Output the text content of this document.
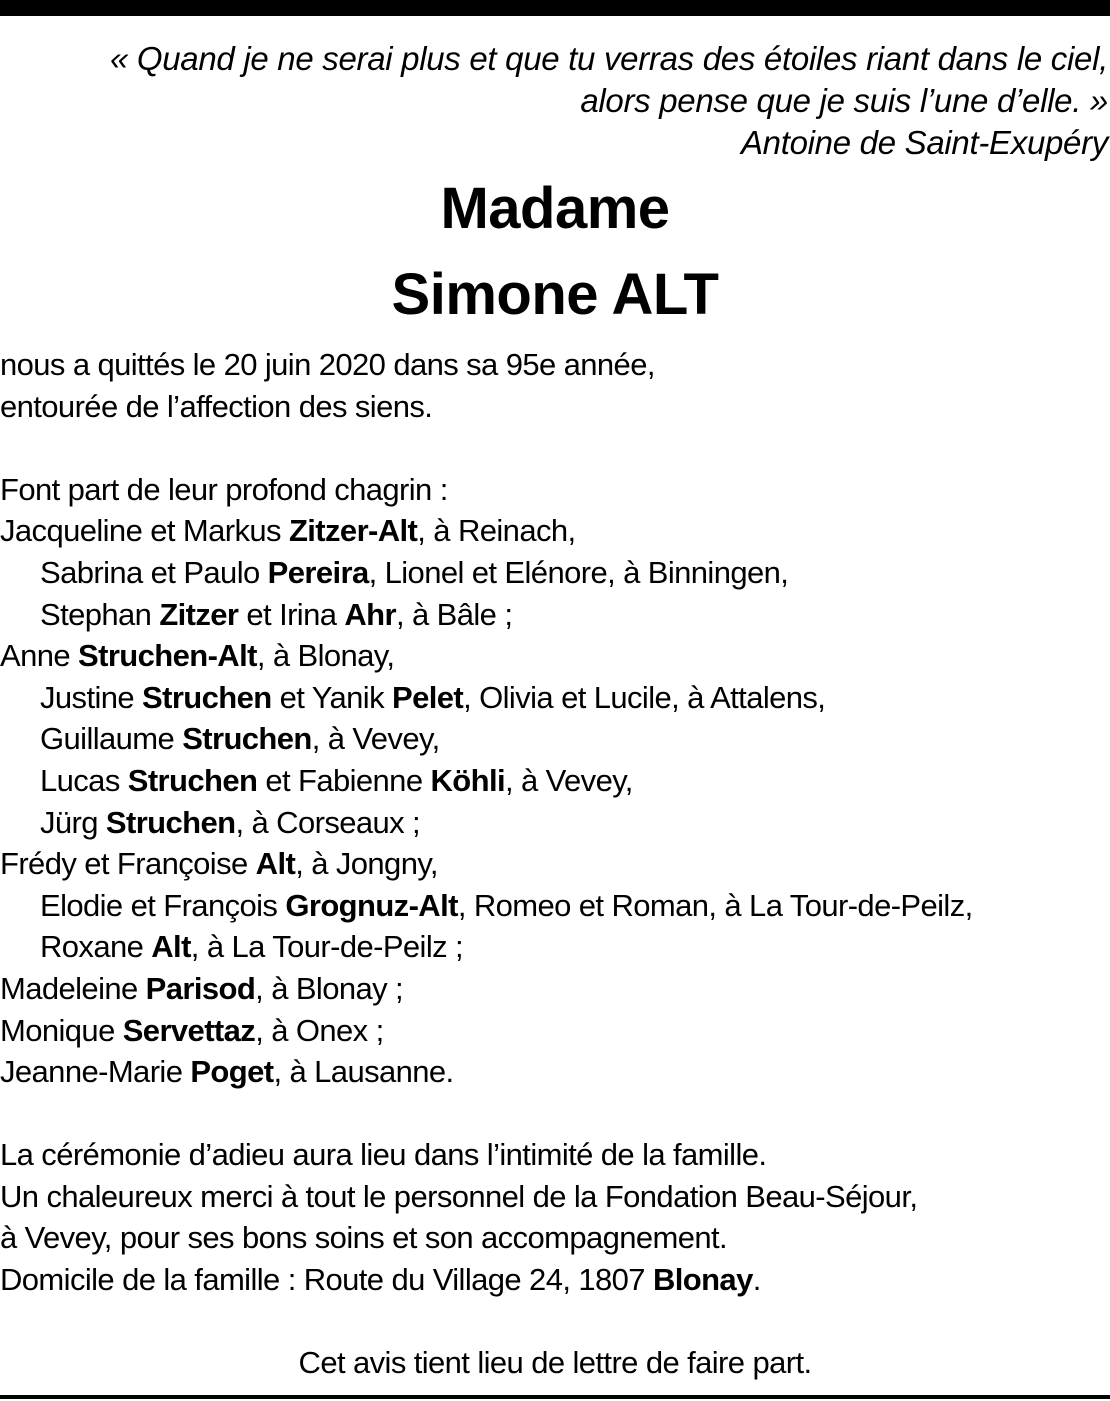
« Quand je ne serai plus et que tu verras des étoiles riant dans le ciel,
alors pense que je suis l’une d’elle. »
Antoine de Saint-Exupéry
Madame
Simone ALT
nous a quittés le 20 juin 2020 dans sa 95e année,
entourée de l’affection des siens.
Font part de leur profond chagrin :
Jacqueline et Markus Zitzer-Alt, à Reinach,
Sabrina et Paulo Pereira, Lionel et Elénore, à Binningen,
Stephan Zitzer et Irina Ahr, à Bâle ;
Anne Struchen-Alt, à Blonay,
Justine Struchen et Yanik Pelet, Olivia et Lucile, à Attalens,
Guillaume Struchen, à Vevey,
Lucas Struchen et Fabienne Köhli, à Vevey,
Jürg Struchen, à Corseaux ;
Frédy et Françoise Alt, à Jongny,
Elodie et François Grognuz-Alt, Romeo et Roman, à La Tour-de-Peilz,
Roxane Alt, à La Tour-de-Peilz ;
Madeleine Parisod, à Blonay ;
Monique Servettaz, à Onex ;
Jeanne-Marie Poget, à Lausanne.
La cérémonie d’adieu aura lieu dans l’intimité de la famille.
Un chaleureux merci à tout le personnel de la Fondation Beau-Séjour,
à Vevey, pour ses bons soins et son accompagnement.
Domicile de la famille : Route du Village 24, 1807 Blonay.
Cet avis tient lieu de lettre de faire part.
